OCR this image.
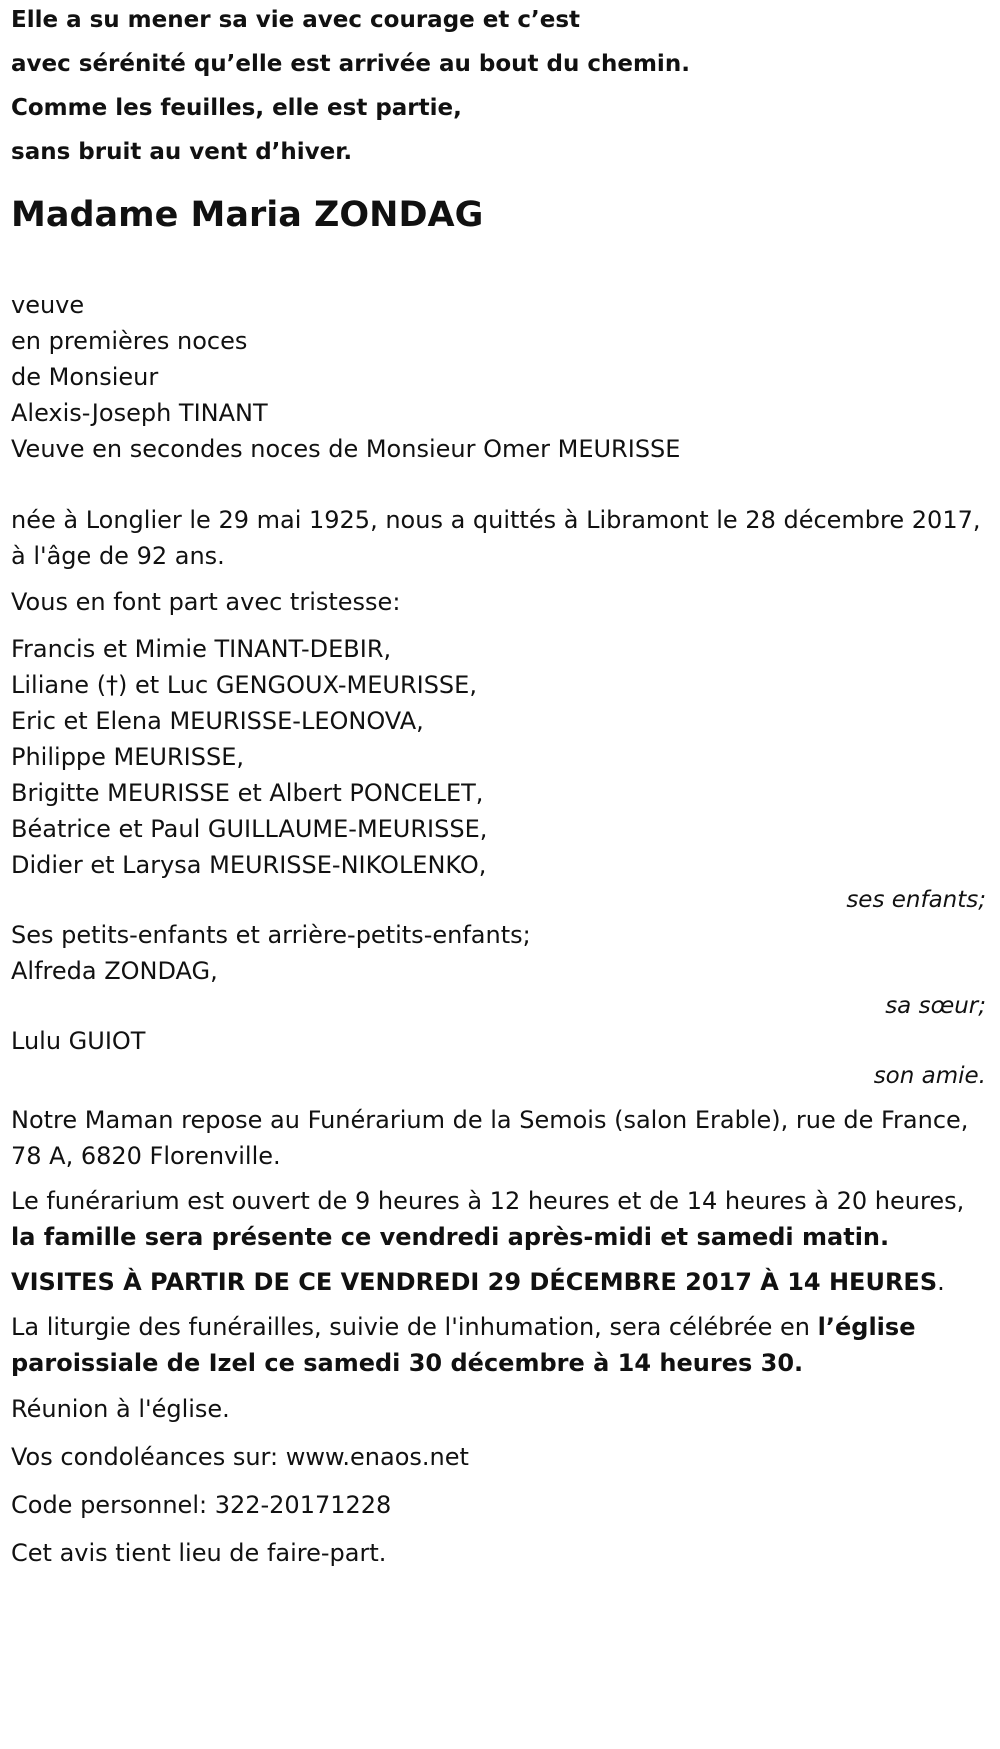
Elle a su mener sa vie avec courage et c’est

avec sérénité qu’elle est arrivée au bout du chemin.

Comme les feuilles, elle est partie,

sans bruit au vent d’hiver.

Madame Maria ZONDAG

veuve

en premières noces

de Monsieur

Alexis-Joseph TINANT

Veuve en secondes noces de Monsieur Omer MEURISSE

née à Longlier le 29 mai 1925, nous a quittés à Libramont le 28 décembre 2017, à l'âge de 92 ans.

Vous en font part avec tristesse:

Francis et Mimie TINANT-DEBIR,

Liliane (†) et Luc GENGOUX-MEURISSE,

Eric et Elena MEURISSE-LEONOVA,

Philippe MEURISSE,

Brigitte MEURISSE et Albert PONCELET,

Béatrice et Paul GUILLAUME-MEURISSE,

Didier et Larysa MEURISSE-NIKOLENKO,

ses enfants;

Ses petits-enfants et arrière-petits-enfants;

Alfreda ZONDAG,

sa sœur;

Lulu GUIOT

son amie.

Notre Maman repose au Funérarium de la Semois (salon Erable), rue de France, 78 A, 6820 Florenville.

Le funérarium est ouvert de 9 heures à 12 heures et de 14 heures à 20 heures, la famille sera présente ce vendredi après-midi et samedi matin.

VISITES À PARTIR DE CE VENDREDI 29 DÉCEMBRE 2017 À 14 HEURES.

La liturgie des funérailles, suivie de l'inhumation, sera célébrée en l’église paroissiale de Izel ce samedi 30 décembre à 14 heures 30.

Réunion à l'église.

Vos condoléances sur: www.enaos.net

Code personnel: 322-20171228

Cet avis tient lieu de faire-part.
